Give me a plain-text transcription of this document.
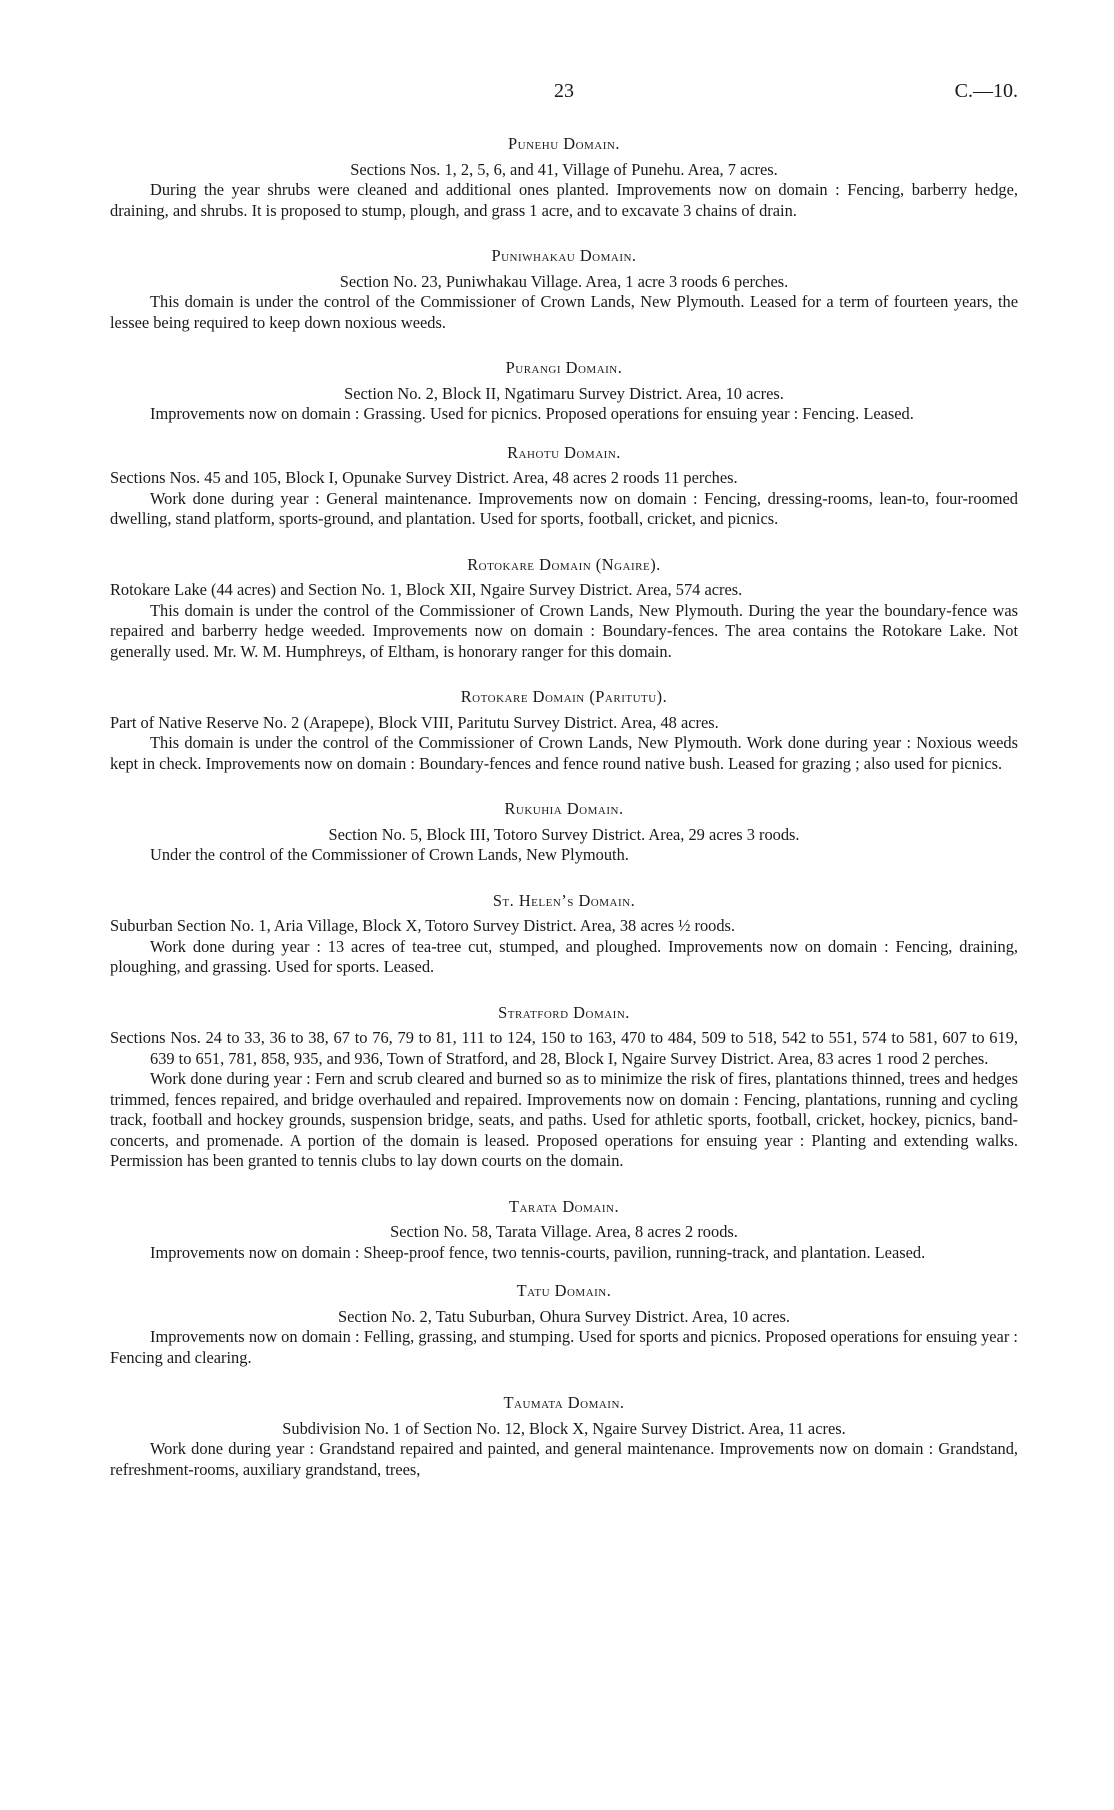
23	C.—10.
Punehu Domain.

Sections Nos. 1, 2, 5, 6, and 41, Village of Punehu. Area, 7 acres.

During the year shrubs were cleaned and additional ones planted. Improvements now on domain : Fencing, barberry hedge, draining, and shrubs. It is proposed to stump, plough, and grass 1 acre, and to excavate 3 chains of drain.

Puniwhakau Domain.

Section No. 23, Puniwhakau Village. Area, 1 acre 3 roods 6 perches.

This domain is under the control of the Commissioner of Crown Lands, New Plymouth. Leased for a term of fourteen years, the lessee being required to keep down noxious weeds.

Purangi Domain.

Section No. 2, Block II, Ngatimaru Survey District. Area, 10 acres.

Improvements now on domain : Grassing. Used for picnics. Proposed operations for ensuing year : Fencing. Leased.

Rahotu Domain.

Sections Nos. 45 and 105, Block I, Opunake Survey District. Area, 48 acres 2 roods 11 perches.

Work done during year : General maintenance. Improvements now on domain : Fencing, dressing-rooms, lean-to, four-roomed dwelling, stand platform, sports-ground, and plantation. Used for sports, football, cricket, and picnics.

Rotokare Domain (Ngaire).

Rotokare Lake (44 acres) and Section No. 1, Block XII, Ngaire Survey District. Area, 574 acres.

This domain is under the control of the Commissioner of Crown Lands, New Plymouth. During the year the boundary-fence was repaired and barberry hedge weeded. Improvements now on domain : Boundary-fences. The area contains the Rotokare Lake. Not generally used. Mr. W. M. Humphreys, of Eltham, is honorary ranger for this domain.

Rotokare Domain (Paritutu).

Part of Native Reserve No. 2 (Arapepe), Block VIII, Paritutu Survey District. Area, 48 acres.

This domain is under the control of the Commissioner of Crown Lands, New Plymouth. Work done during year : Noxious weeds kept in check. Improvements now on domain : Boundary-fences and fence round native bush. Leased for grazing ; also used for picnics.

Rukuhia Domain.

Section No. 5, Block III, Totoro Survey District. Area, 29 acres 3 roods.

Under the control of the Commissioner of Crown Lands, New Plymouth.

St. Helen’s Domain.

Suburban Section No. 1, Aria Village, Block X, Totoro Survey District. Area, 38 acres ½ roods.

Work done during year : 13 acres of tea-tree cut, stumped, and ploughed. Improvements now on domain : Fencing, draining, ploughing, and grassing. Used for sports. Leased.

Stratford Domain.

Sections Nos. 24 to 33, 36 to 38, 67 to 76, 79 to 81, 111 to 124, 150 to 163, 470 to 484, 509 to 518, 542 to 551, 574 to 581, 607 to 619, 639 to 651, 781, 858, 935, and 936, Town of Stratford, and 28, Block I, Ngaire Survey District. Area, 83 acres 1 rood 2 perches.

Work done during year : Fern and scrub cleared and burned so as to minimize the risk of fires, plantations thinned, trees and hedges trimmed, fences repaired, and bridge overhauled and repaired. Improvements now on domain : Fencing, plantations, running and cycling track, football and hockey grounds, suspension bridge, seats, and paths. Used for athletic sports, football, cricket, hockey, picnics, band-concerts, and promenade. A portion of the domain is leased. Proposed operations for ensuing year : Planting and extending walks. Permission has been granted to tennis clubs to lay down courts on the domain.

Tarata Domain.

Section No. 58, Tarata Village. Area, 8 acres 2 roods.

Improvements now on domain : Sheep-proof fence, two tennis-courts, pavilion, running-track, and plantation. Leased.

Tatu Domain.

Section No. 2, Tatu Suburban, Ohura Survey District. Area, 10 acres.

Improvements now on domain : Felling, grassing, and stumping. Used for sports and picnics. Proposed operations for ensuing year : Fencing and clearing.

Taumata Domain.

Subdivision No. 1 of Section No. 12, Block X, Ngaire Survey District. Area, 11 acres.

Work done during year : Grandstand repaired and painted, and general maintenance. Improvements now on domain : Grandstand, refreshment-rooms, auxiliary grandstand, trees,
